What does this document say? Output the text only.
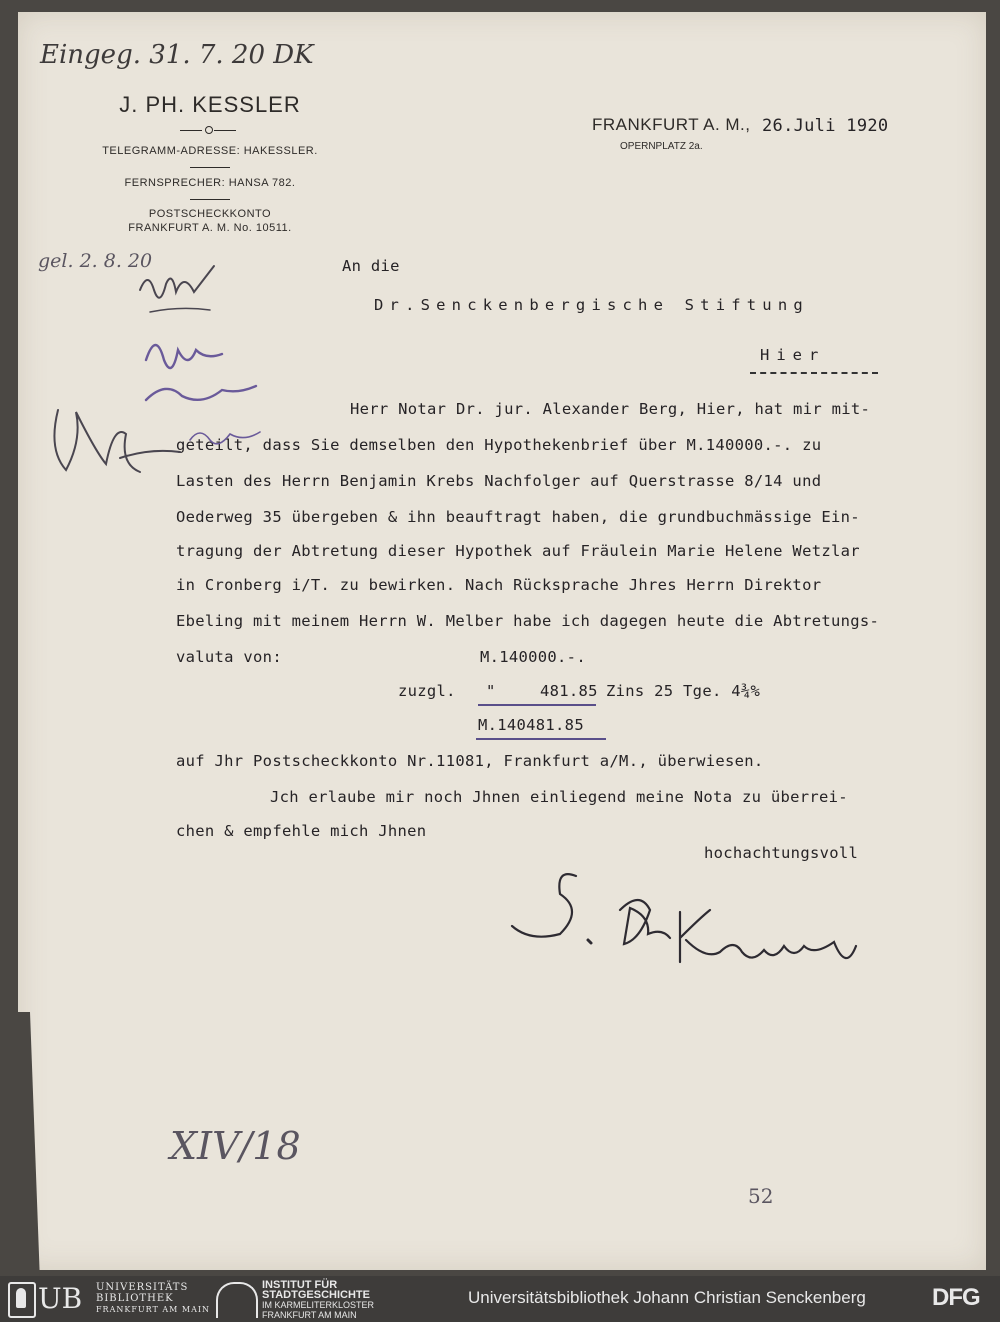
Eingeg. 31. 7. 20 DK
J. PH. KESSLER
TELEGRAMM-ADRESSE: HAKESSLER.
FERNSPRECHER: HANSA 782.
POSTSCHECKKONTO
FRANKFURT A. M. No. 10511.
FRANKFURT A. M.,
OPERNPLATZ 2a.
26.Juli 1920
gel. 2. 8. 20	An die
Dr.Senckenbergische Stiftung
Hier
Herr Notar Dr. jur. Alexander Berg, Hier, hat mir mit-
geteilt, dass Sie demselben den Hypothekenbrief über M.140000.-. zu
Lasten des Herrn Benjamin Krebs Nachfolger auf Querstrasse 8/14 und
Oederweg 35 übergeben & ihn beauftragt haben, die grundbuchmässige Ein-
tragung der Abtretung dieser Hypothek auf Fräulein Marie Helene Wetzlar
in Cronberg i/T. zu bewirken. Nach Rücksprache Jhres Herrn Direktor
Ebeling mit meinem Herrn W. Melber habe ich dagegen heute die Abtretungs-
valuta von:	M.140000.-.
zuzgl. "	481.85 Zins 25 Tge. 4¾%
M.140481.85
auf Jhr Postscheckkonto Nr.11081, Frankfurt a/M., überwiesen.
Jch erlaube mir noch Jhnen einliegend meine Nota zu überrei-
chen & empfehle mich Jhnen
hochachtungsvoll
XIV/18
52
UB UNIVERSITÄTS
BIBLIOTHEK
FRANKFURT AM MAIN
INSTITUT FÜR
STADTGESCHICHTE
IM KARMELITERKLOSTER
FRANKFURT AM MAIN
Universitätsbibliothek Johann Christian Senckenberg	DFG
